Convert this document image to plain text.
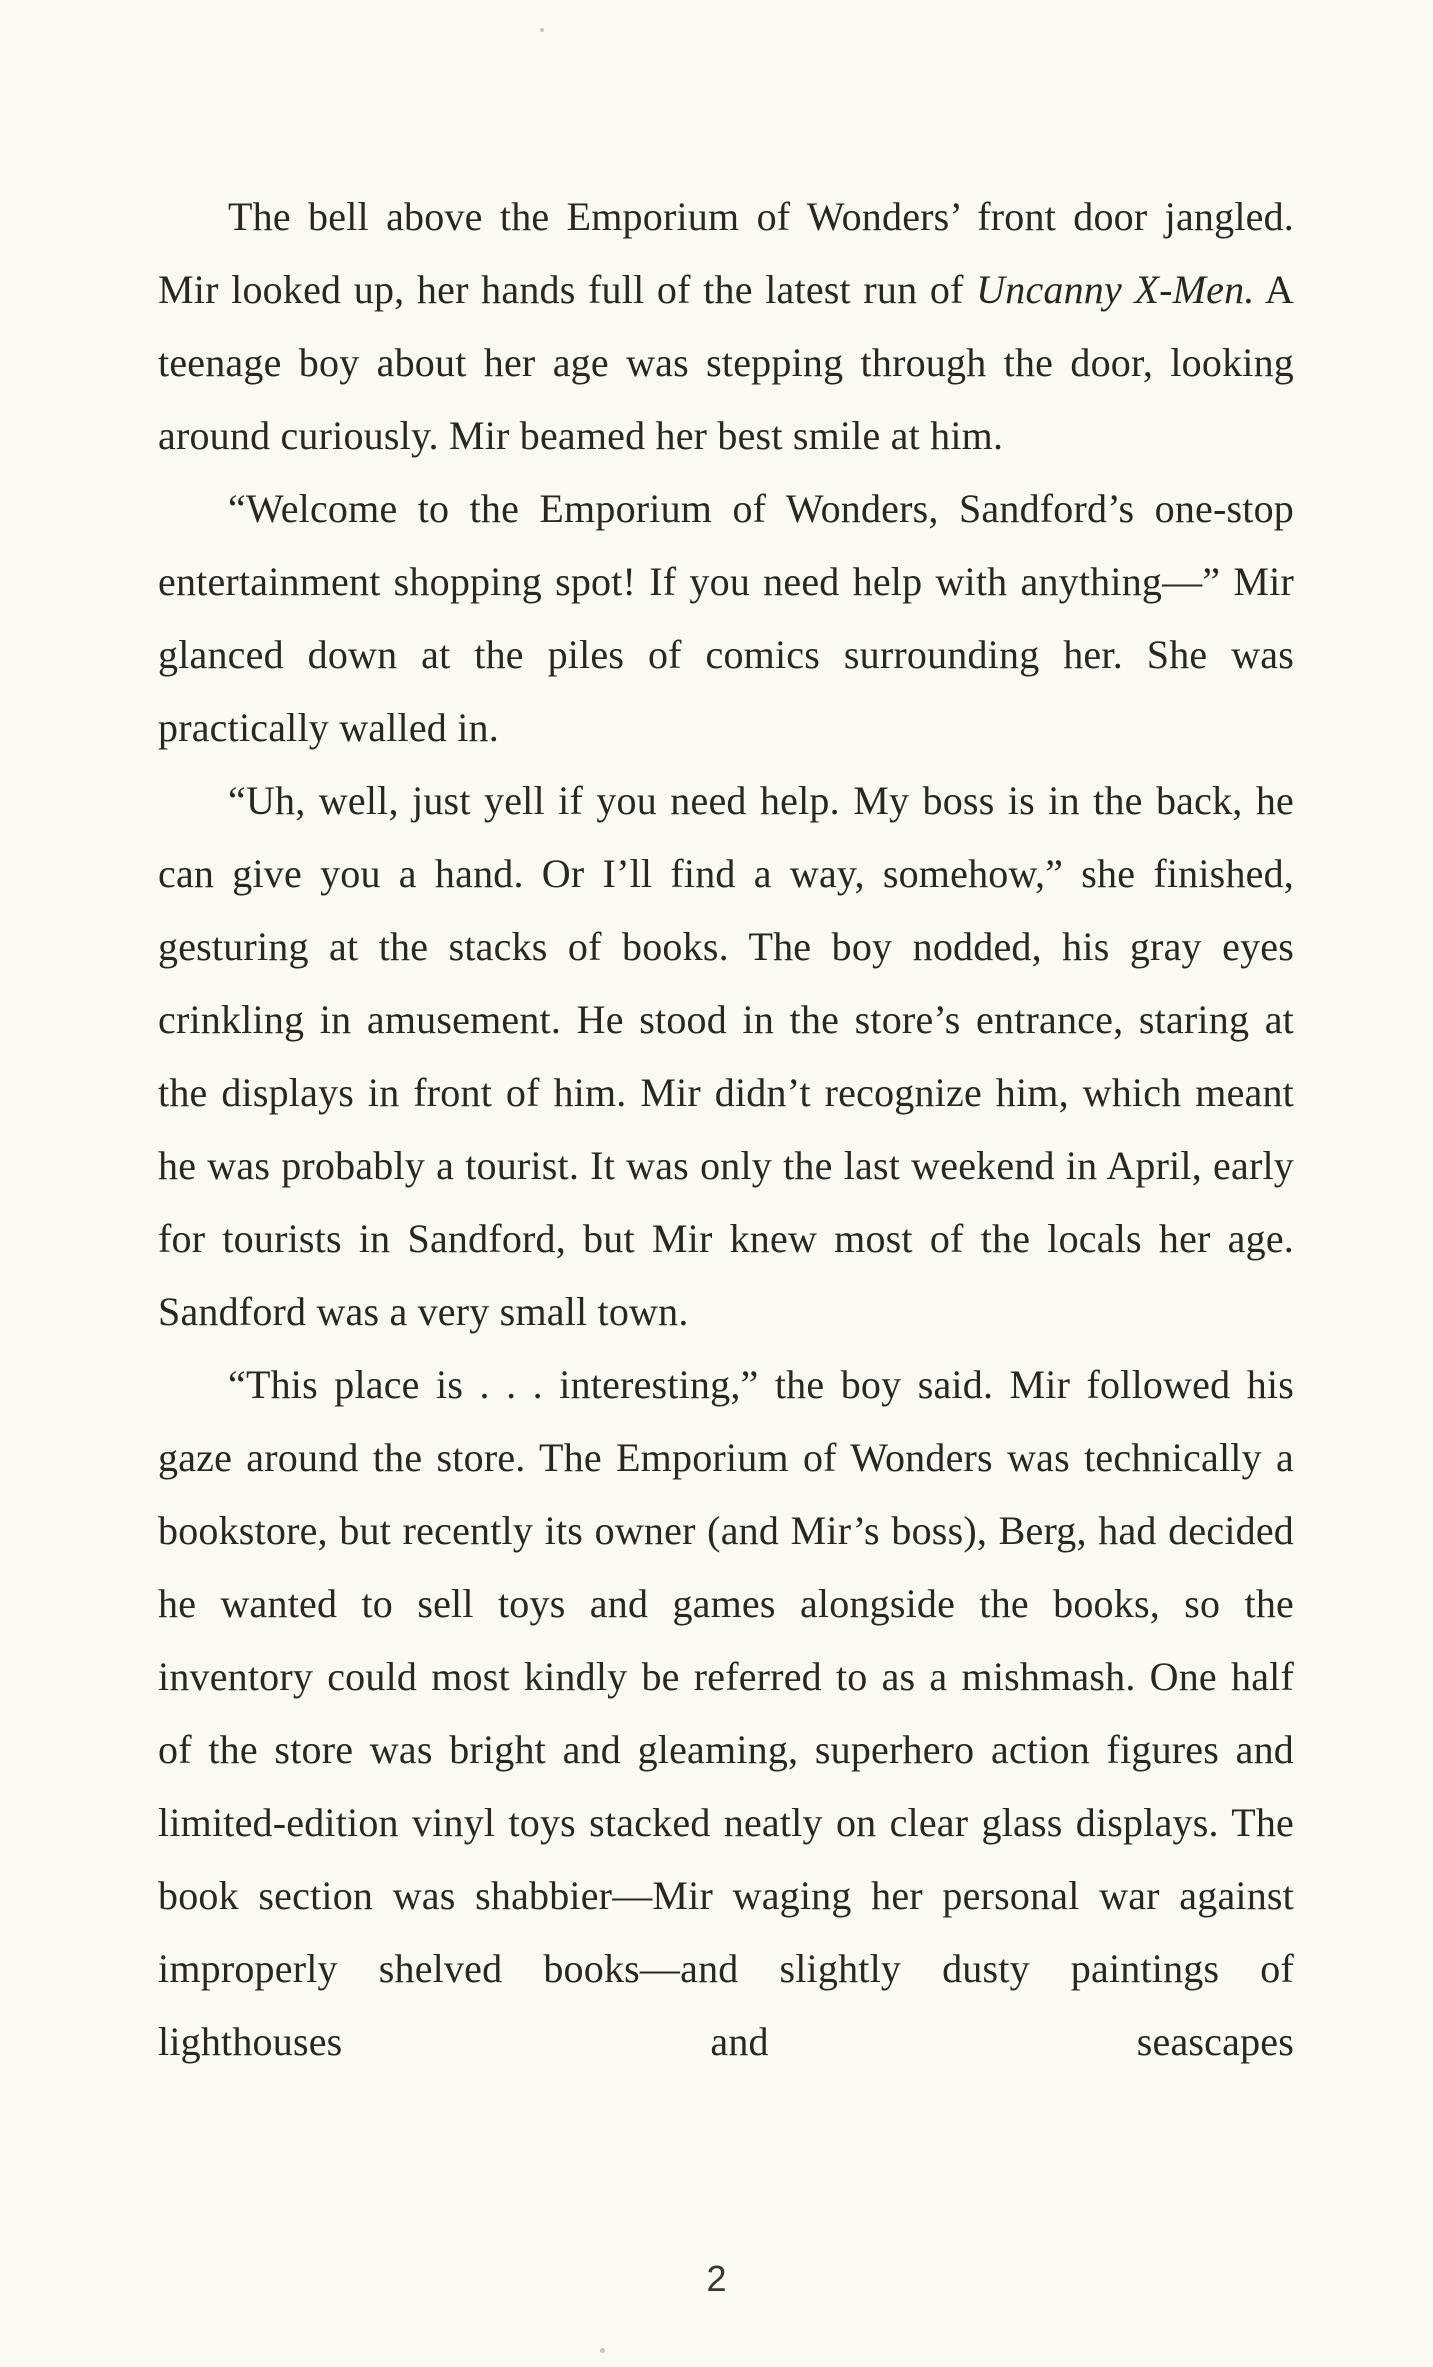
The bell above the Emporium of Wonders’ front door jangled. Mir looked up, her hands full of the latest run of Uncanny X-Men. A teenage boy about her age was stepping through the door, looking around curiously. Mir beamed her best smile at him.

“Welcome to the Emporium of Wonders, Sandford’s one-stop entertainment shopping spot! If you need help with anything—” Mir glanced down at the piles of comics surrounding her. She was practically walled in.

“Uh, well, just yell if you need help. My boss is in the back, he can give you a hand. Or I’ll find a way, somehow,” she finished, gesturing at the stacks of books. The boy nodded, his gray eyes crinkling in amusement. He stood in the store’s entrance, staring at the displays in front of him. Mir didn’t recognize him, which meant he was probably a tourist. It was only the last weekend in April, early for tourists in Sandford, but Mir knew most of the locals her age. Sandford was a very small town.

“This place is . . . interesting,” the boy said. Mir followed his gaze around the store. The Emporium of Wonders was technically a bookstore, but recently its owner (and Mir’s boss), Berg, had decided he wanted to sell toys and games alongside the books, so the inventory could most kindly be referred to as a mishmash. One half of the store was bright and gleaming, superhero action figures and limited-edition vinyl toys stacked neatly on clear glass displays. The book section was shabbier—Mir waging her personal war against improperly shelved books—and slightly dusty paintings of lighthouses and seascapes

2
